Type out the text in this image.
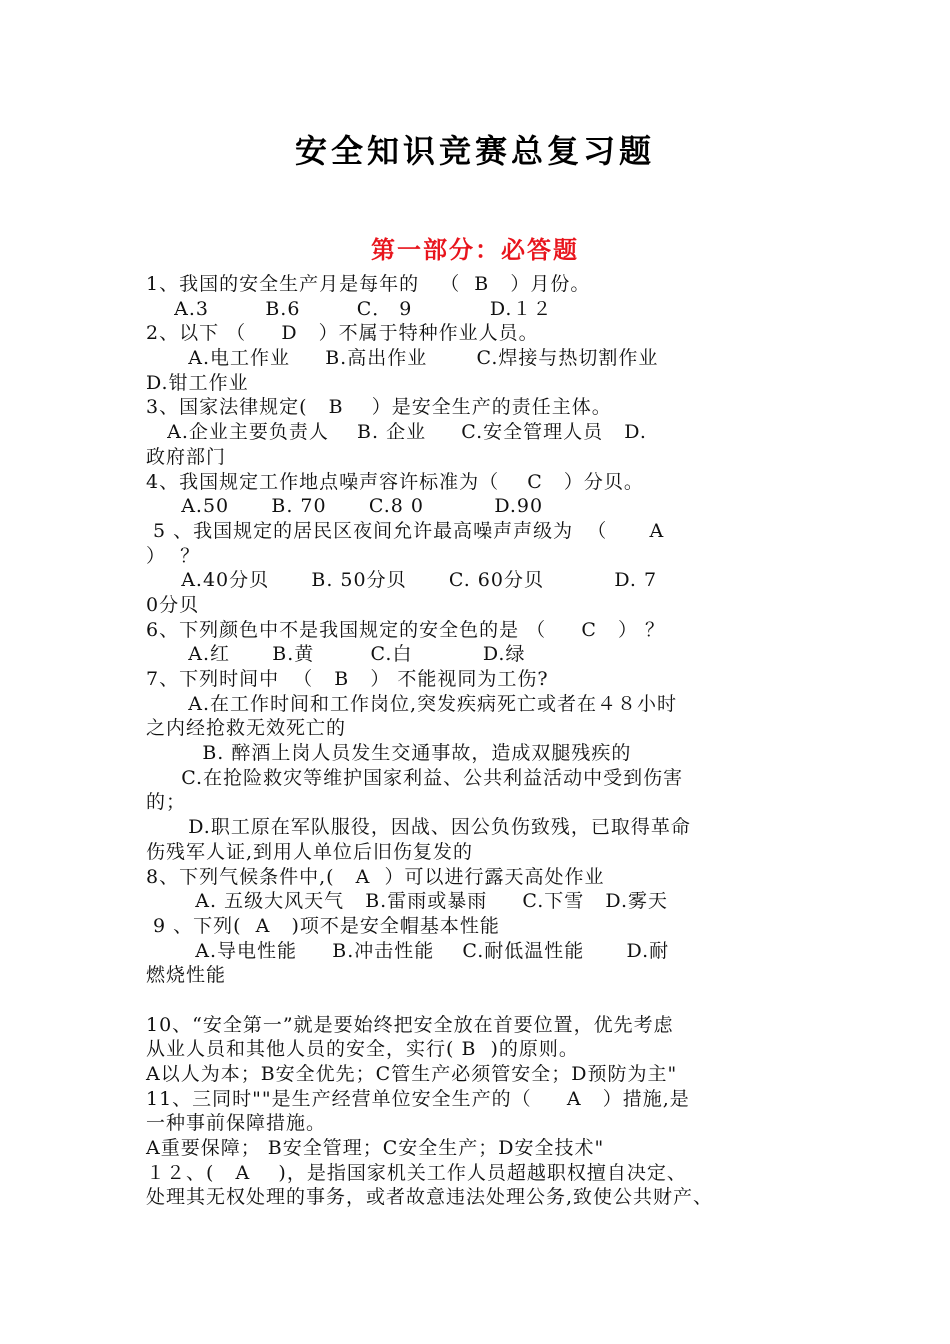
安全知识竞赛总复习题
第一部分：必答题
1、我国的安全生产月是每年的   （  B   ）月份。
A.3        B.6        C． 9           D.１２
2、以下 （     D   ）不属于特种作业人员。
A.电工作业     B.高出作业       C.焊接与热切割作业
D.钳工作业
3、国家法律规定(   B    ）是安全生产的责任主体。
A.企业主要负责人    B. 企业     C.安全管理人员   D.
政府部门
4、我国规定工作地点噪声容许标准为（    C   ）分贝。
A.50      B. 70      C.8 0          D.90
5 、我国规定的居民区夜间允许最高噪声声级为  （      A
）  ？
A.40分贝      B. 50分贝      C. 60分贝          D. 7
0分贝
6、下列颜色中不是我国规定的安全色的是 （     C   ） ？
A.红      B.黄        C.白          D.绿
7、下列时间中  （   B   ） 不能视同为工伤?
A.在工作时间和工作岗位,突发疾病死亡或者在４８小时
之内经抢救无效死亡的
B. 醉酒上岗人员发生交通事故，造成双腿残疾的
C.在抢险救灾等维护国家利益、公共利益活动中受到伤害
的；
D.职工原在军队服役，因战、因公负伤致残，已取得革命
伤残军人证,到用人单位后旧伤复发的
8、下列气候条件中,(   A  ）可以进行露天高处作业
A. 五级大风天气   B.雷雨或暴雨     C.下雪   D.雾天
9 、下列(  A   )项不是安全帽基本性能
A.导电性能     B.冲击性能    C.耐低温性能      D.耐
燃烧性能
10、“安全第一”就是要始终把安全放在首要位置，优先考虑
从业人员和其他人员的安全，实行( B  )的原则。
A以人为本；B安全优先；C管生产必须管安全；D预防为主"
11、三同时""是生产经营单位安全生产的（     A   ）措施,是
一种事前保障措施。
A重要保障； B安全管理；C安全生产；D安全技术"
１２、(   A    )，是指国家机关工作人员超越职权擅自决定、
处理其无权处理的事务，或者故意违法处理公务,致使公共财产、
